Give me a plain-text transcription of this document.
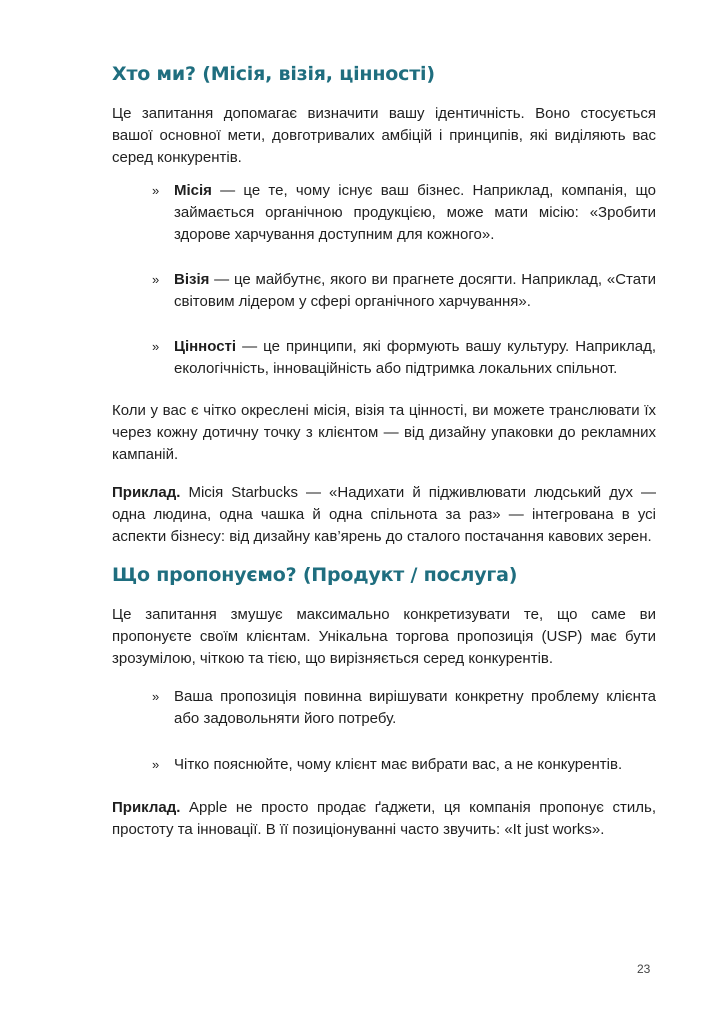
Хто ми? (Місія, візія, цінності)

Це запитання допомагає визначити вашу ідентичність. Воно стосується вашої основної мети, довготривалих амбіцій і принципів, які виділяють вас серед конкурентів.

» Місія — це те, чому існує ваш бізнес. Наприклад, компанія, що займається органічною продукцією, може мати місію: «Зробити здорове харчування доступним для кожного».
» Візія — це майбутнє, якого ви прагнете досягти. Наприклад, «Стати світовим лідером у сфері органічного харчування».
» Цінності — це принципи, які формують вашу культуру. Наприклад, екологічність, інноваційність або підтримка локальних спільнот.

Коли у вас є чітко окреслені місія, візія та цінності, ви можете транслювати їх через кожну дотичну точку з клієнтом — від дизайну упаковки до рекламних кампаній.

Приклад. Місія Starbucks — «Надихати й підживлювати людський дух — одна людина, одна чашка й одна спільнота за раз» — інтегрована в усі аспекти бізнесу: від дизайну кав’ярень до сталого постачання кавових зерен.

Що пропонуємо? (Продукт / послуга)

Це запитання змушує максимально конкретизувати те, що саме ви пропонуєте своїм клієнтам. Унікальна торгова пропозиція (USP) має бути зрозумілою, чіткою та тією, що вирізняється серед конкурентів.

» Ваша пропозиція повинна вирішувати конкретну проблему клієнта або задовольняти його потребу.
» Чітко пояснюйте, чому клієнт має вибрати вас, а не конкурентів.

Приклад. Apple не просто продає ґаджети, ця компанія пропонує стиль, простоту та інновації. В її позиціонуванні часто звучить: «It just works».

23
